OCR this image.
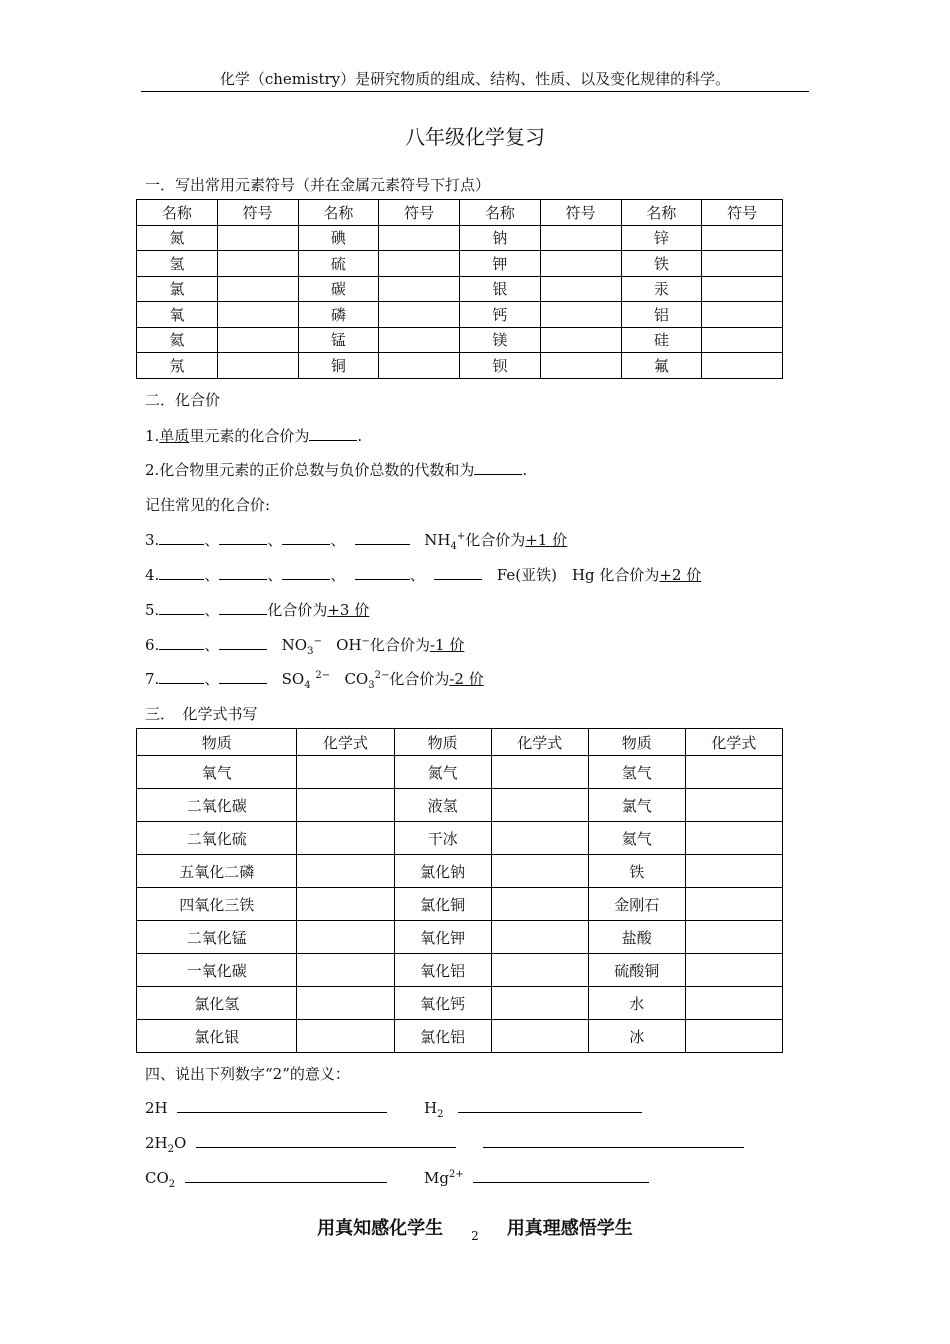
化学（chemistry）是研究物质的组成、结构、性质、以及变化规律的科学。
八年级化学复习
一．写出常用元素符号（并在金属元素符号下打点）
名称	符号	名称	符号	名称	符号	名称	符号
氮		碘		钠		锌	
氢		硫		钾		铁	
氯		碳		银		汞	
氧		磷		钙		铝	
氦		锰		镁		硅	
氖		铜		钡		氟	
二．化合价
1.单质里元素的化合价为	.
2.化合物里元素的正价总数与负价总数的代数和为	.
记住常见的化合价:
3.	、	、	、	$NH_4^+$化合价为+1 价
4.	、	、	、	、	Fe(亚铁)　Hg 化合价为+2 价
5.	、	化合价为+3 价
6.	、	$NO_3^-$ OH−化合价为-1 价
7.	、	$SO_4$ $^{2-}$ $CO_3^{2-}$化合价为-2 价
三．　化学式书写
物质	化学式	物质	化学式	物质	化学式
氧气		氮气		氢气	
二氧化碳		液氢		氯气	
二氧化硫		干冰		氦气	
五氧化二磷		氯化钠		铁	
四氧化三铁		氯化铜		金刚石	
二氧化锰		氧化钾		盐酸	
一氧化碳		氧化铝		硫酸铜	
氯化氢		氧化钙		水	
氯化银		氯化铝		冰	
四、说出下列数字“2”的意义：
2H	$H_2$
$2H_2O$
$CO_2$	$Mg^{2+}$
用真知感化学生 $_2$ 用真理感悟学生
